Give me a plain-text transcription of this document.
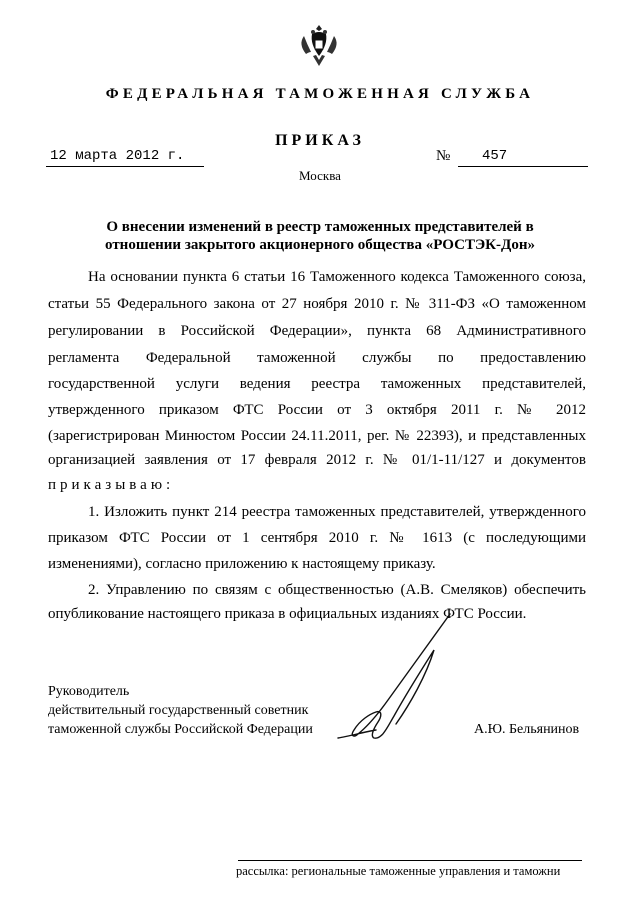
ФЕДЕРАЛЬНАЯ ТАМОЖЕННАЯ СЛУЖБА
ПРИКАЗ
12 марта 2012 г.	№ 457
Москва
О внесении изменений в реестр таможенных представителей в
отношении закрытого акционерного общества «РОСТЭК-Дон»
На основании пункта 6 статьи 16 Таможенного кодекса Таможенного союза,
статьи 55 Федерального закона от 27 ноября 2010 г. № 311-ФЗ «О таможенном
регулировании в Российской Федерации», пункта 68 Административного
регламента Федеральной таможенной службы по предоставлению
государственной услуги ведения реестра таможенных представителей,
утвержденного приказом ФТС России от 3 октября 2011 г. № 2012
(зарегистрирован Минюстом России 24.11.2011, рег. № 22393), и представленных
организацией заявления от 17 февраля 2012 г. № 01/1-11/127 и документов
приказываю:
1. Изложить пункт 214 реестра таможенных представителей, утвержденного
приказом ФТС России от 1 сентября 2010 г. № 1613 (с последующими
изменениями), согласно приложению к настоящему приказу.
2. Управлению по связям с общественностью (А.В. Смеляков) обеспечить
опубликование настоящего приказа в официальных изданиях ФТС России.
Руководитель
действительный государственный советник
таможенной службы Российской Федерации	А.Ю. Бельянинов
рассылка: региональные таможенные управления и таможни
